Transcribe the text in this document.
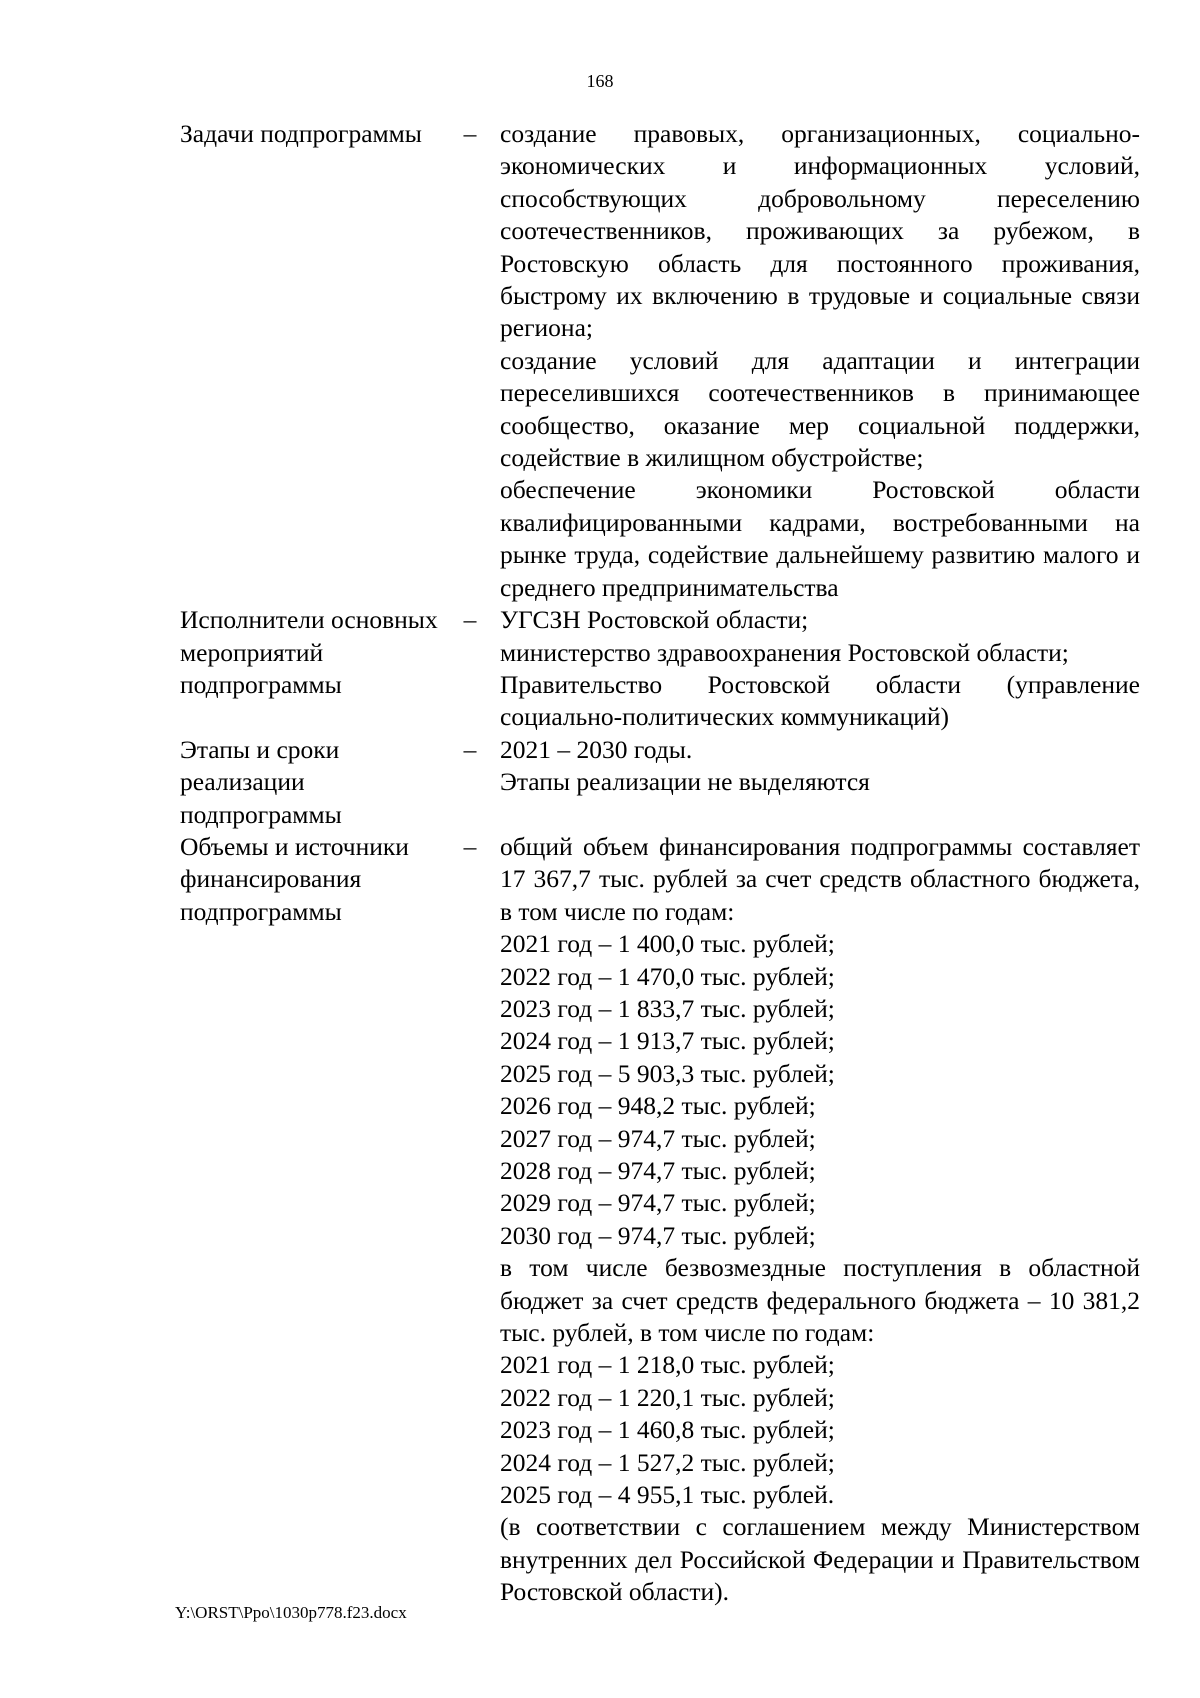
168
Задачи подпрограммы	– создание правовых, организационных, социально-экономических и информационных условий, способствующих добровольному переселению соотечественников, проживающих за рубежом, в Ростовскую область для постоянного проживания, быстрому их включению в трудовые и социальные связи региона;
создание условий для адаптации и интеграции переселившихся соотечественников в принимающее сообщество, оказание мер социальной поддержки, содействие в жилищном обустройстве;
обеспечение экономики Ростовской области квалифицированными кадрами, востребованными на рынке труда, содействие дальнейшему развитию малого и среднего предпринимательства
Исполнители основных мероприятий подпрограммы
– УГСЗН Ростовской области;
министерство здравоохранения Ростовской области;
Правительство Ростовской области (управление социально-политических коммуникаций)
Этапы и сроки реализации подпрограммы
– 2021 – 2030 годы.
Этапы реализации не выделяются
Объемы и источники финансирования подпрограммы
– общий объем финансирования подпрограммы составляет 17 367,7 тыс. рублей за счет средств областного бюджета, в том числе по годам:
2021 год – 1 400,0 тыс. рублей;
2022 год – 1 470,0 тыс. рублей;
2023 год – 1 833,7 тыс. рублей;
2024 год – 1 913,7 тыс. рублей;
2025 год – 5 903,3 тыс. рублей;
2026 год – 948,2 тыс. рублей;
2027 год – 974,7 тыс. рублей;
2028 год – 974,7 тыс. рублей;
2029 год – 974,7 тыс. рублей;
2030 год – 974,7 тыс. рублей;
в том числе безвозмездные поступления в областной бюджет за счет средств федерального бюджета – 10 381,2 тыс. рублей, в том числе по годам:
2021 год – 1 218,0 тыс. рублей;
2022 год – 1 220,1 тыс. рублей;
2023 год – 1 460,8 тыс. рублей;
2024 год – 1 527,2 тыс. рублей;
2025 год – 4 955,1 тыс. рублей.
(в соответствии с соглашением между Министерством внутренних дел Российской Федерации и Правительством Ростовской области).
Y:\ORST\Ppo\1030p778.f23.docx
